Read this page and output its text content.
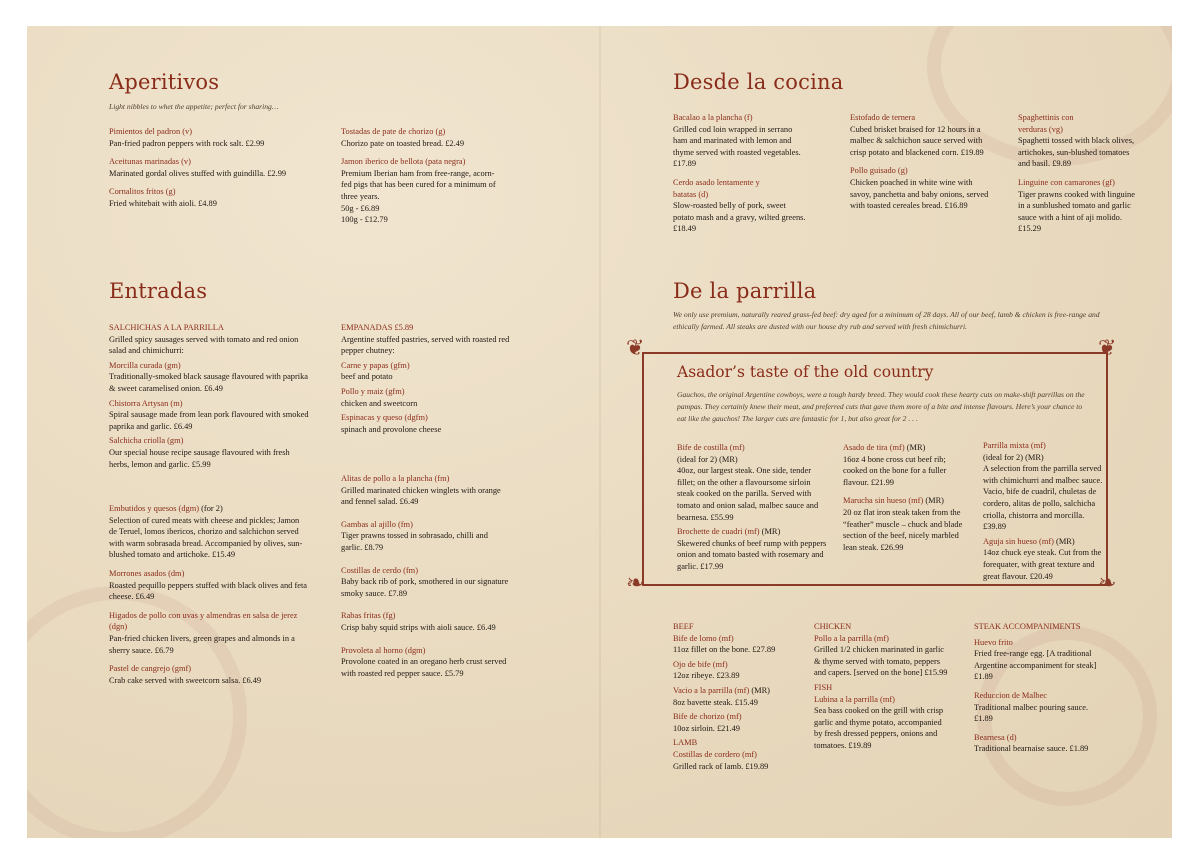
Aperitivos
Light nibbles to whet the appetite; perfect for sharing…
Pimientos del padron (v)
Pan-fried padron peppers with rock salt. £2.99
Aceitunas marinadas (v)
Marinated gordal olives stuffed with guindilla. £2.99
Cornalitos fritos (g)
Fried whitebait with aioli. £4.89
Tostadas de pate de chorizo (g)
Chorizo pate on toasted bread. £2.49
Jamon iberico de bellota (pata negra)
Premium Iberian ham from free-range, acorn-fed pigs that has been cured for a minimum of three years.
50g - £6.89
100g - £12.79
Entradas
SALCHICHAS A LA PARRILLA
Grilled spicy sausages served with tomato and red onion salad and chimichurri:
Morcilla curada (gm)
Traditionally-smoked black sausage flavoured with paprika & sweet caramelised onion. £6.49
Chistorra Artysan (m)
Spiral sausage made from lean pork flavoured with smoked paprika and garlic. £6.49
Salchicha criolla (gm)
Our special house recipe sausage flavoured with fresh herbs, lemon and garlic. £5.99
Embutidos y quesos (dgm) (for 2)
Selection of cured meats with cheese and pickles; Jamon de Teruel, lomos ibericos, chorizo and salchichon served with warm sobrasada bread. Accompanied by olives, sun-blushed tomato and artichoke. £15.49
Morrones asados (dm)
Roasted pequillo peppers stuffed with black olives and feta cheese. £6.49
Higados de pollo con uvas y almendras en salsa de jerez (dgn)
Pan-fried chicken livers, green grapes and almonds in a sherry sauce. £6.79
Pastel de cangrejo (gmf)
Crab cake served with sweetcorn salsa. £6.49
EMPANADAS £5.89
Argentine stuffed pastries, served with roasted red pepper chutney:
Carne y papas (gfm)
beef and potato
Pollo y maiz (gfm)
chicken and sweetcorn
Espinacas y queso (dgfm)
spinach and provolone cheese
Alitas de pollo a la plancha (fm)
Grilled marinated chicken winglets with orange and fennel salad. £6.49
Gambas al ajillo (fm)
Tiger prawns tossed in sobrasado, chilli and garlic. £8.79
Costillas de cerdo (fm)
Baby back rib of pork, smothered in our signature smoky sauce. £7.89
Rabas fritas (fg)
Crisp baby squid strips with aioli sauce. £6.49
Provoleta al horno (dgm)
Provolone coated in an oregano herb crust served with roasted red pepper sauce. £5.79
Desde la cocina
Bacalao a la plancha (f)
Grilled cod loin wrapped in serrano ham and marinated with lemon and thyme served with roasted vegetables. £17.89
Cerdo asado lentamente y batatas (d)
Slow-roasted belly of pork, sweet potato mash and a gravy, wilted greens. £18.49
Estofado de ternera
Cubed brisket braised for 12 hours in a malbec & salchichon sauce served with crisp potato and blackened corn. £19.89
Pollo guisado (g)
Chicken poached in white wine with savoy, panchetta and baby onions, served with toasted cereales bread. £16.89
Spaghettinis con verduras (vg)
Spaghetti tossed with black olives, artichokes, sun-blushed tomatoes and basil. £9.89
Linguine con camarones (gf)
Tiger prawns cooked with linguine in a sunblushed tomato and garlic sauce with a hint of aji molido. £15.29
De la parrilla
We only use premium, naturally reared grass-fed beef: dry aged for a minimum of 28 days. All of our beef, lamb & chicken is free-range and ethically farmed. All steaks are dusted with our house dry rub and served with fresh chimichurri.
❦	❦
❧	❧
Asador’s taste of the old country
Gauchos, the original Argentine cowboys, were a tough hardy breed. They would cook these hearty cuts on make-shift parrillas on the pampas. They certainly knew their meat, and preferred cuts that gave them more of a bite and intense flavours. Here’s your chance to eat like the gauchos! The larger cuts are fantastic for 1, but also great for 2 . . .
Bife de costilla (mf)
(ideal for 2) (MR)
40oz, our largest steak. One side, tender fillet; on the other a flavoursome sirloin steak cooked on the parilla. Served with tomato and onion salad, malbec sauce and bearnesa. £55.99
Brochette de cuadri (mf) (MR)
Skewered chunks of beef rump with peppers onion and tomato basted with rosemary and garlic. £17.99
Asado de tira (mf) (MR)
16oz 4 bone cross cut beef rib; cooked on the bone for a fuller flavour. £21.99
Marucha sin hueso (mf) (MR)
20 oz flat iron steak taken from the “feather” muscle – chuck and blade section of the beef, nicely marbled lean steak. £26.99
Parrilla mixta (mf)
(ideal for 2) (MR)
A selection from the parrilla served with chimichurri and malbec sauce. Vacio, bife de cuadril, chuletas de cordero, alitas de pollo, salchicha criolla, chistorra and morcilla. £39.89
Aguja sin hueso (mf) (MR)
14oz chuck eye steak. Cut from the forequater, with great texture and great flavour. £20.49
BEEF
Bife de lomo (mf)
11oz fillet on the bone. £27.89
Ojo de bife (mf)
12oz ribeye. £23.89
Vacio a la parrilla (mf) (MR)
8oz bavette steak. £15.49
Bife de chorizo (mf)
10oz sirloin. £21.49
LAMB
Costillas de cordero (mf)
Grilled rack of lamb. £19.89
CHICKEN
Pollo a la parrilla (mf)
Grilled 1/2 chicken marinated in garlic & thyme served with tomato, peppers and capers. [served on the bone] £15.99
FISH
Lubina a la parrilla (mf)
Sea bass cooked on the grill with crisp garlic and thyme potato, accompanied by fresh dressed peppers, onions and tomatoes. £19.89
STEAK ACCOMPANIMENTS
Huevo frito
Fried free-range egg. [A traditional Argentine accompaniment for steak] £1.89
Reduccion de Malbec
Traditional malbec pouring sauce. £1.89
Bearnesa (d)
Traditional bearnaise sauce. £1.89
